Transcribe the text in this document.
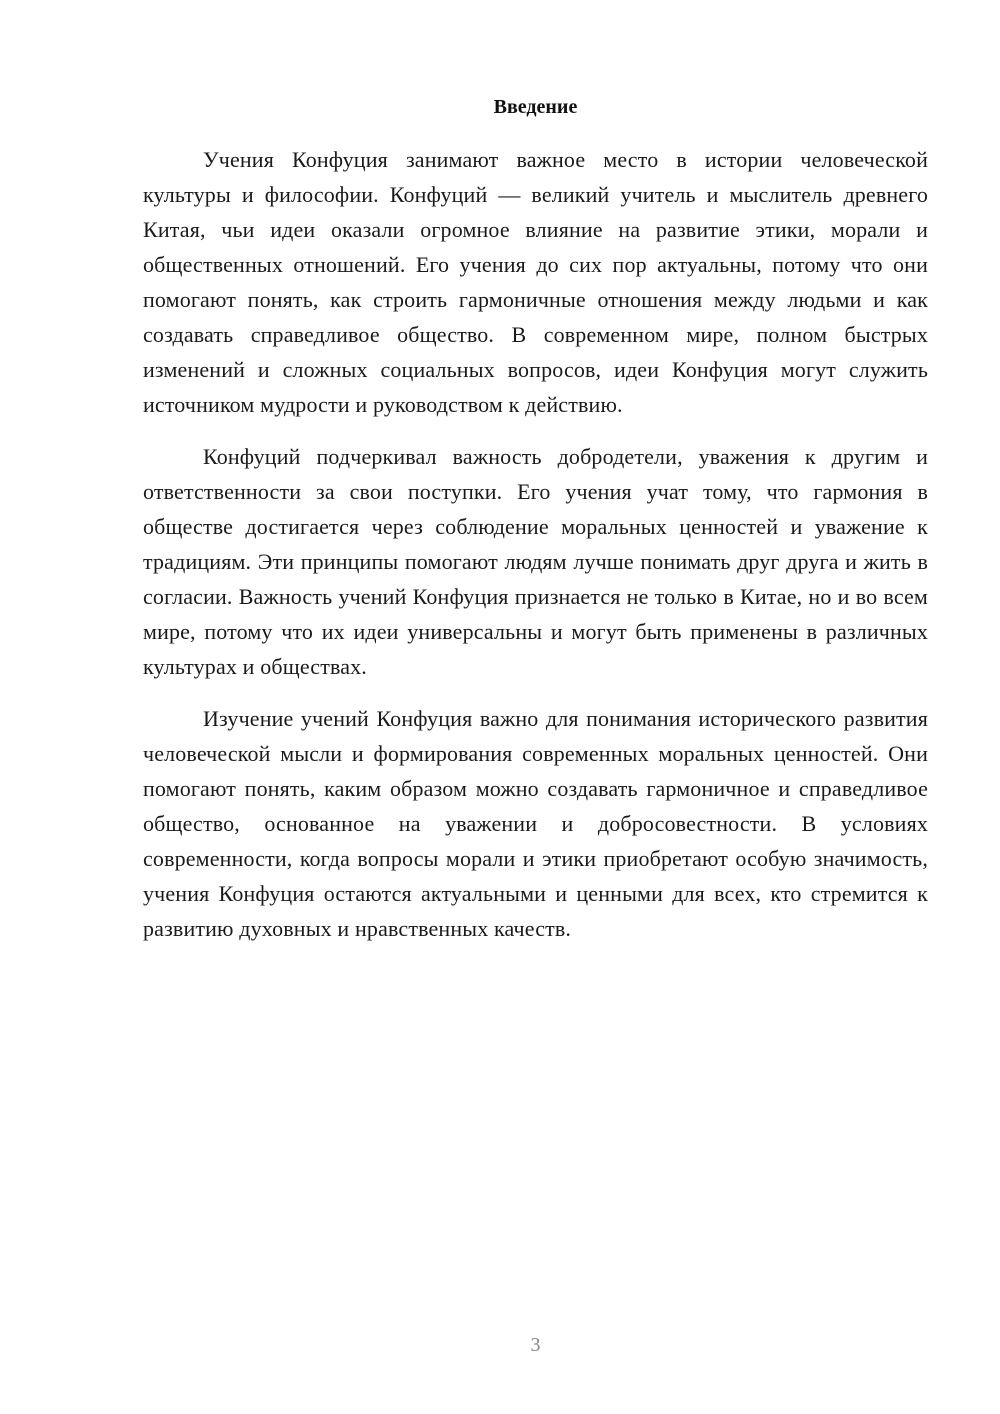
Введение

Учения Конфуция занимают важное место в истории человеческой культуры и философии. Конфуций — великий учитель и мыслитель древнего Китая, чьи идеи оказали огромное влияние на развитие этики, морали и общественных отношений. Его учения до сих пор актуальны, потому что они помогают понять, как строить гармоничные отношения между людьми и как создавать справедливое общество. В современном мире, полном быстрых изменений и сложных социальных вопросов, идеи Конфуция могут служить источником мудрости и руководством к действию.

Конфуций подчеркивал важность добродетели, уважения к другим и ответственности за свои поступки. Его учения учат тому, что гармония в обществе достигается через соблюдение моральных ценностей и уважение к традициям. Эти принципы помогают людям лучше понимать друг друга и жить в согласии. Важность учений Конфуция признается не только в Китае, но и во всем мире, потому что их идеи универсальны и могут быть применены в различных культурах и обществах.

Изучение учений Конфуция важно для понимания исторического развития человеческой мысли и формирования современных моральных ценностей. Они помогают понять, каким образом можно создавать гармоничное и справедливое общество, основанное на уважении и добросовестности. В условиях современности, когда вопросы морали и этики приобретают особую значимость, учения Конфуция остаются актуальными и ценными для всех, кто стремится к развитию духовных и нравственных качеств.

3
